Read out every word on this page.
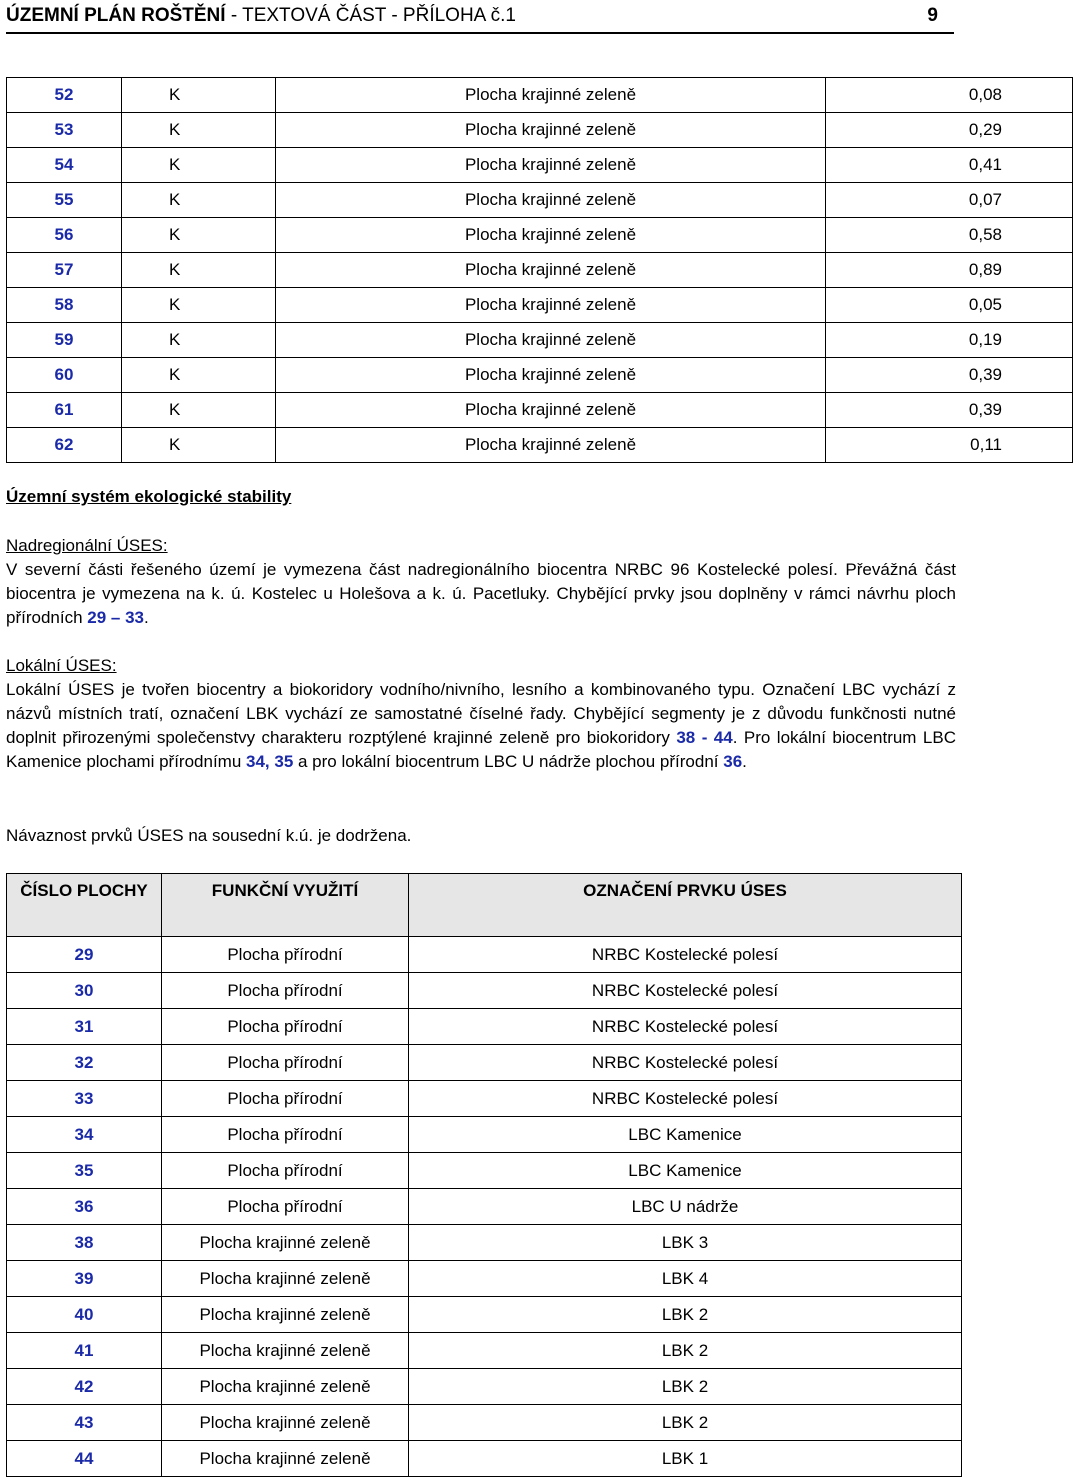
ÚZEMNÍ PLÁN ROŠTĚNÍ - TEXTOVÁ ČÁST - PŘÍLOHA č.1	9
52	K	Plocha krajinné zeleně	0,08
53	K	Plocha krajinné zeleně	0,29
54	K	Plocha krajinné zeleně	0,41
55	K	Plocha krajinné zeleně	0,07
56	K	Plocha krajinné zeleně	0,58
57	K	Plocha krajinné zeleně	0,89
58	K	Plocha krajinné zeleně	0,05
59	K	Plocha krajinné zeleně	0,19
60	K	Plocha krajinné zeleně	0,39
61	K	Plocha krajinné zeleně	0,39
62	K	Plocha krajinné zeleně	0,11
Územní systém ekologické stability

Nadregionální ÚSES:
V severní části řešeného území je vymezena část nadregionálního biocentra NRBC 96 Kostelecké polesí. Převážná část biocentra je vymezena na k. ú. Kostelec u Holešova a k. ú. Pacetluky. Chybějící prvky jsou doplněny v rámci návrhu ploch přírodních 29 – 33.

Lokální ÚSES:
Lokální ÚSES je tvořen biocentry a biokoridory vodního/nivního, lesního a kombinovaného typu. Označení LBC vychází z názvů místních tratí, označení LBK vychází ze samostatné číselné řady. Chybějící segmenty je z důvodu funkčnosti nutné doplnit přirozenými společenstvy charakteru rozptýlené krajinné zeleně pro biokoridory 38 - 44. Pro lokální biocentrum LBC Kamenice plochami přírodnímu 34, 35 a pro lokální biocentrum LBC U nádrže plochou přírodní 36.

Návaznost prvků ÚSES na sousední k.ú. je dodržena.

ČÍSLO PLOCHY	FUNKČNÍ VYUŽITÍ	OZNAČENÍ PRVKU ÚSES
29	Plocha přírodní	NRBC Kostelecké polesí
30	Plocha přírodní	NRBC Kostelecké polesí
31	Plocha přírodní	NRBC Kostelecké polesí
32	Plocha přírodní	NRBC Kostelecké polesí
33	Plocha přírodní	NRBC Kostelecké polesí
34	Plocha přírodní	LBC Kamenice
35	Plocha přírodní	LBC Kamenice
36	Plocha přírodní	LBC U nádrže
38	Plocha krajinné zeleně	LBK 3
39	Plocha krajinné zeleně	LBK 4
40	Plocha krajinné zeleně	LBK 2
41	Plocha krajinné zeleně	LBK 2
42	Plocha krajinné zeleně	LBK 2
43	Plocha krajinné zeleně	LBK 2
44	Plocha krajinné zeleně	LBK 1
